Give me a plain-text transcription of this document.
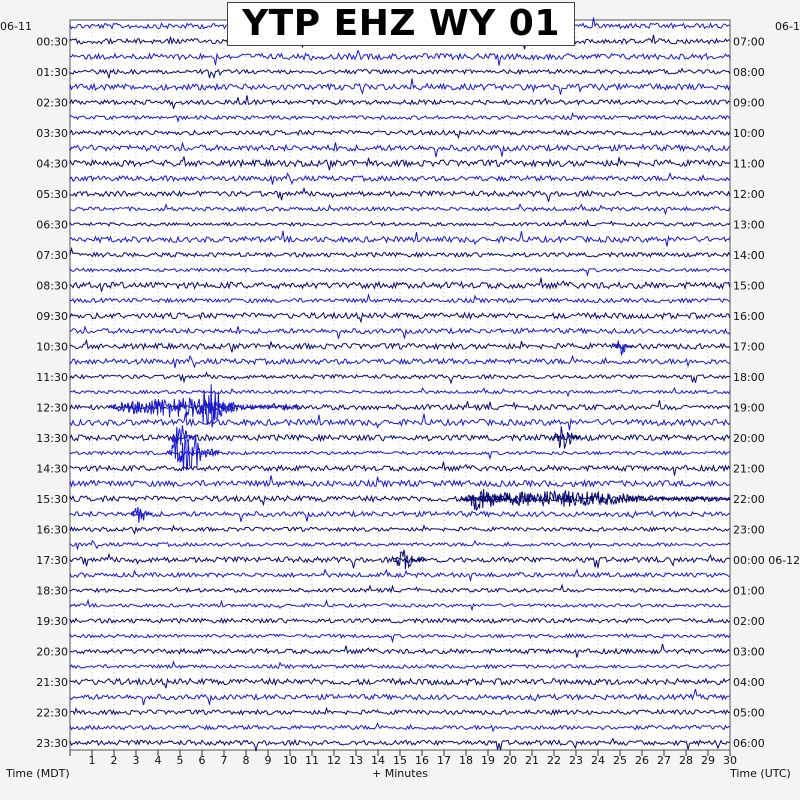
1 2 3 4 5 6 7 8 9 10 11 12 13 14 15 16 17 18 19 20 21 22 23 24 25 26 27 28 29 30
00:30
01:30
02:30
03:30
04:30
05:30
06:30
07:30
08:30
09:30
10:30
11:30
12:30
13:30
14:30
15:30
16:30
17:30
18:30
19:30
20:30
21:30
22:30
23:30
07:00
08:00
09:00
10:00
11:00
12:00
13:00
14:00
15:00
16:00
17:00
18:00
19:00
20:00
21:00
22:00
23:00
00:00 06-12
01:00
02:00
03:00
04:00
05:00
06:00
06-11	06-1
Time (MDT)	+ Minutes	Time (UTC)
YTP EHZ WY 01
